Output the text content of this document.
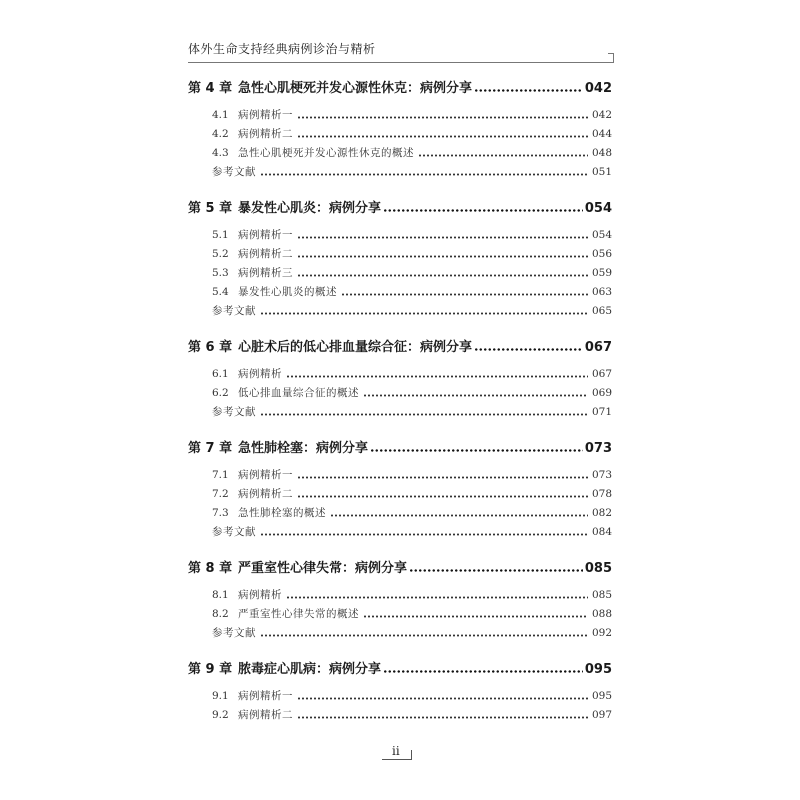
体外生命支持经典病例诊治与精析
第 4 章 急性心肌梗死并发心源性休克：病例分享	042
4.1 病例精析一	042
4.2 病例精析二	044
4.3 急性心肌梗死并发心源性休克的概述	048
参考文献	051
第 5 章 暴发性心肌炎：病例分享	054
5.1 病例精析一	054
5.2 病例精析二	056
5.3 病例精析三	059
5.4 暴发性心肌炎的概述	063
参考文献	065
第 6 章 心脏术后的低心排血量综合征：病例分享	067
6.1 病例精析	067
6.2 低心排血量综合征的概述	069
参考文献	071
第 7 章 急性肺栓塞：病例分享	073
7.1 病例精析一	073
7.2 病例精析二	078
7.3 急性肺栓塞的概述	082
参考文献	084
第 8 章 严重室性心律失常：病例分享	085
8.1 病例精析	085
8.2 严重室性心律失常的概述	088
参考文献	092
第 9 章 脓毒症心肌病：病例分享	095
9.1 病例精析一	095
9.2 病例精析二	097
ii
